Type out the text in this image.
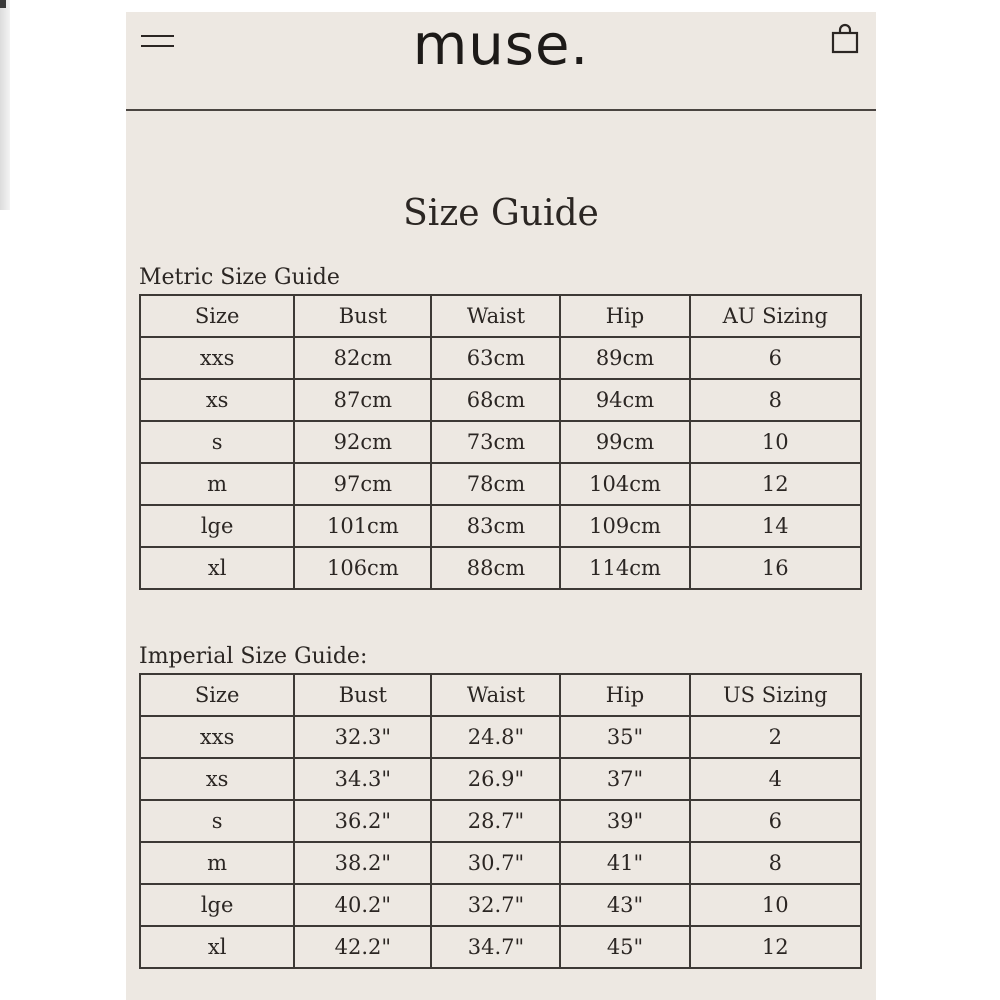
muse.
Size Guide
Metric Size Guide
Size	Bust	Waist	Hip	AU Sizing
xxs	82cm	63cm	89cm	6
xs	87cm	68cm	94cm	8
s	92cm	73cm	99cm	10
m	97cm	78cm	104cm	12
lge	101cm	83cm	109cm	14
xl	106cm	88cm	114cm	16
Imperial Size Guide:
Size	Bust	Waist	Hip	US Sizing
xxs	32.3"	24.8"	35"	2
xs	34.3"	26.9"	37"	4
s	36.2"	28.7"	39"	6
m	38.2"	30.7"	41"	8
lge	40.2"	32.7"	43"	10
xl	42.2"	34.7"	45"	12
